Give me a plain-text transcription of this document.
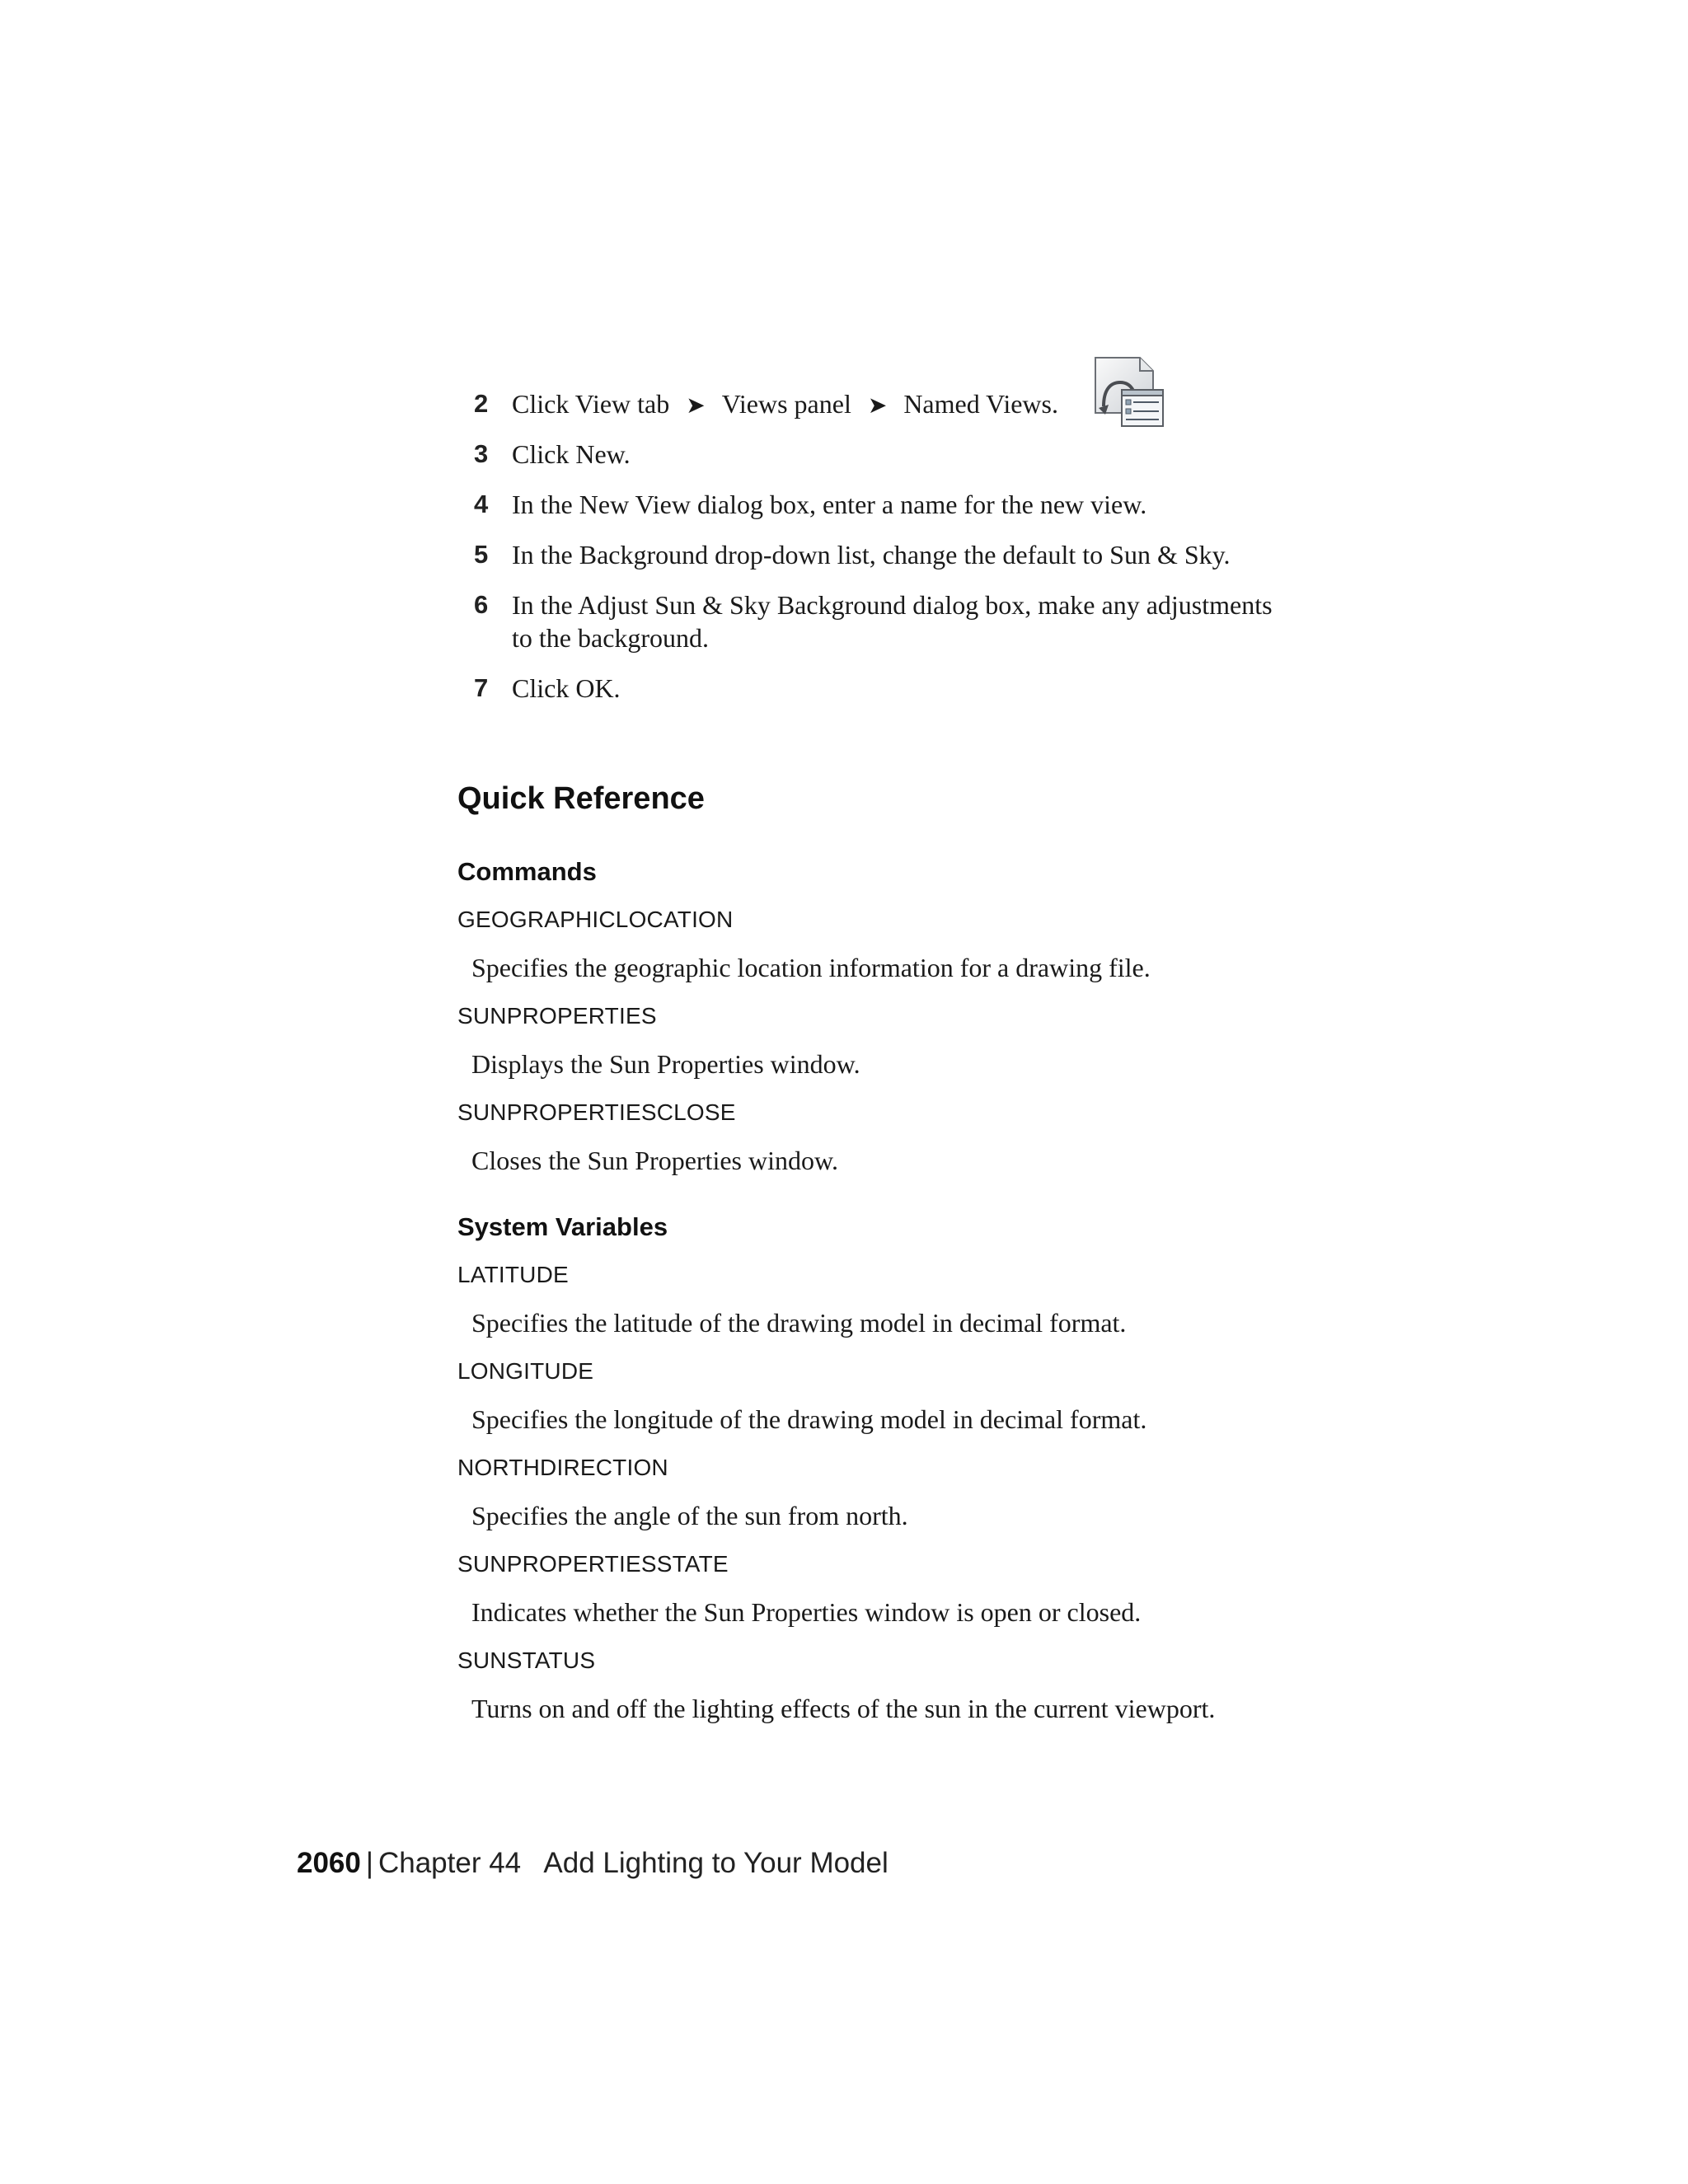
2 Click View tab ➤ Views panel ➤ Named Views.
3 Click New.
4 In the New View dialog box, enter a name for the new view.
5 In the Background drop-down list, change the default to Sun & Sky.
6 In the Adjust Sun & Sky Background dialog box, make any adjustments
to the background.
7 Click OK.
Quick Reference
Commands
GEOGRAPHICLOCATION
Specifies the geographic location information for a drawing file.
SUNPROPERTIES
Displays the Sun Properties window.
SUNPROPERTIESCLOSE
Closes the Sun Properties window.
System Variables
LATITUDE
Specifies the latitude of the drawing model in decimal format.
LONGITUDE
Specifies the longitude of the drawing model in decimal format.
NORTHDIRECTION
Specifies the angle of the sun from north.
SUNPROPERTIESSTATE
Indicates whether the Sun Properties window is open or closed.
SUNSTATUS
Turns on and off the lighting effects of the sun in the current viewport.
2060 | Chapter 44 Add Lighting to Your Model
